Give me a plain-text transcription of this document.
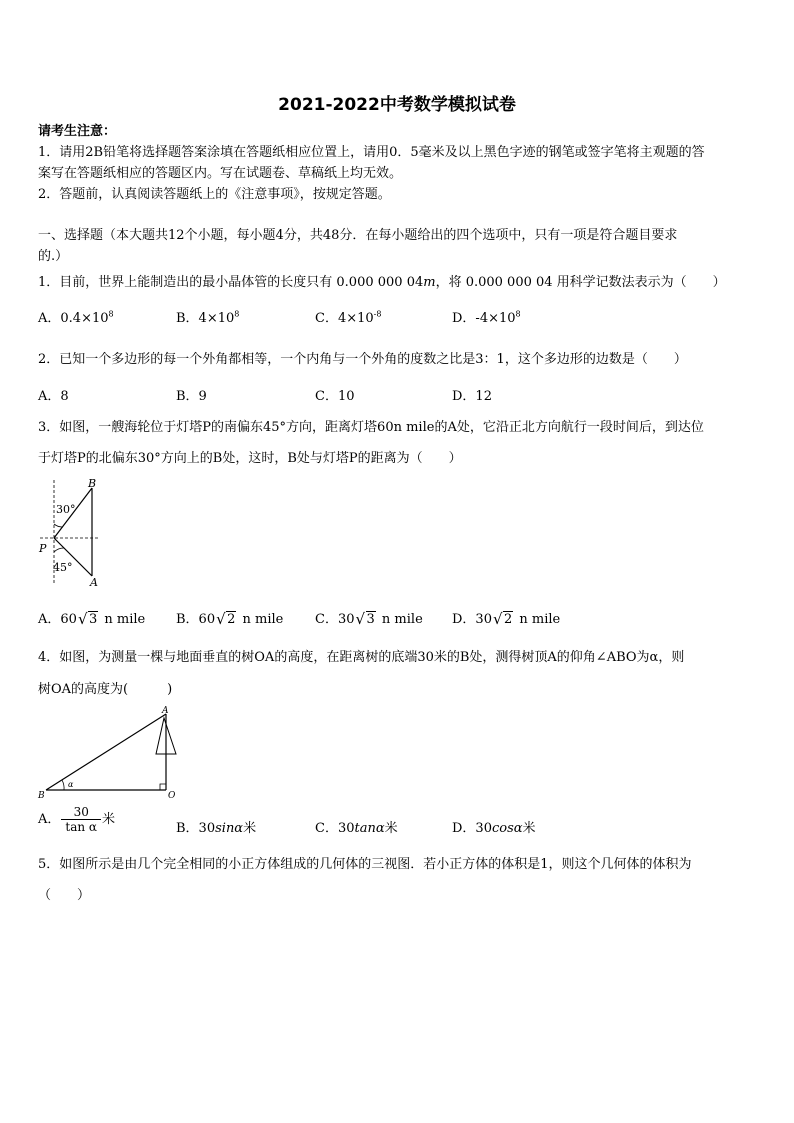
2021-2022中考数学模拟试卷
请考生注意：
1．请用2B铅笔将选择题答案涂填在答题纸相应位置上，请用0．5毫米及以上黑色字迹的钢笔或签字笔将主观题的答
案写在答题纸相应的答题区内。写在试题卷、草稿纸上均无效。
2．答题前，认真阅读答题纸上的《注意事项》，按规定答题。
一、选择题（本大题共12个小题，每小题4分，共48分．在每小题给出的四个选项中，只有一项是符合题目要求
的.）
1．目前，世界上能制造出的最小晶体管的长度只有 0.000 000 04m，将 0.000 000 04 用科学记数法表示为（　　）
A．$0.4\times 10^8$	B．$4\times 10^8$	C．$4\times 10^{-8}$	D．$-4\times 10^8$
2．已知一个多边形的每一个外角都相等，一个内角与一个外角的度数之比是3：1，这个多边形的边数是（　　）
A．8	B．9	C．10	D．12
3．如图，一艘海轮位于灯塔P的南偏东45°方向，距离灯塔60n mile的A处，它沿正北方向航行一段时间后，到达位
于灯塔P的北偏东30°方向上的B处，这时，B处与灯塔P的距离为（　　）
B
P
A
30°
45°
A．60 √ 3 n mile B．60 √ 2 n mile C．30 √ 3 n mile D．30 √ 2 n mile
4．如图，为测量一棵与地面垂直的树OA的高度，在距离树的底端30米的B处，测得树顶A的仰角∠ABO为α，则
树OA的高度为(　　　)
A
B	O
α
A． $\frac{30}{\text{tan α}}$ 米
B．30sinα米	C．30tanα米	D．30cosα米
5．如图所示是由几个完全相同的小正方体组成的几何体的三视图．若小正方体的体积是1，则这个几何体的体积为
（　　）
